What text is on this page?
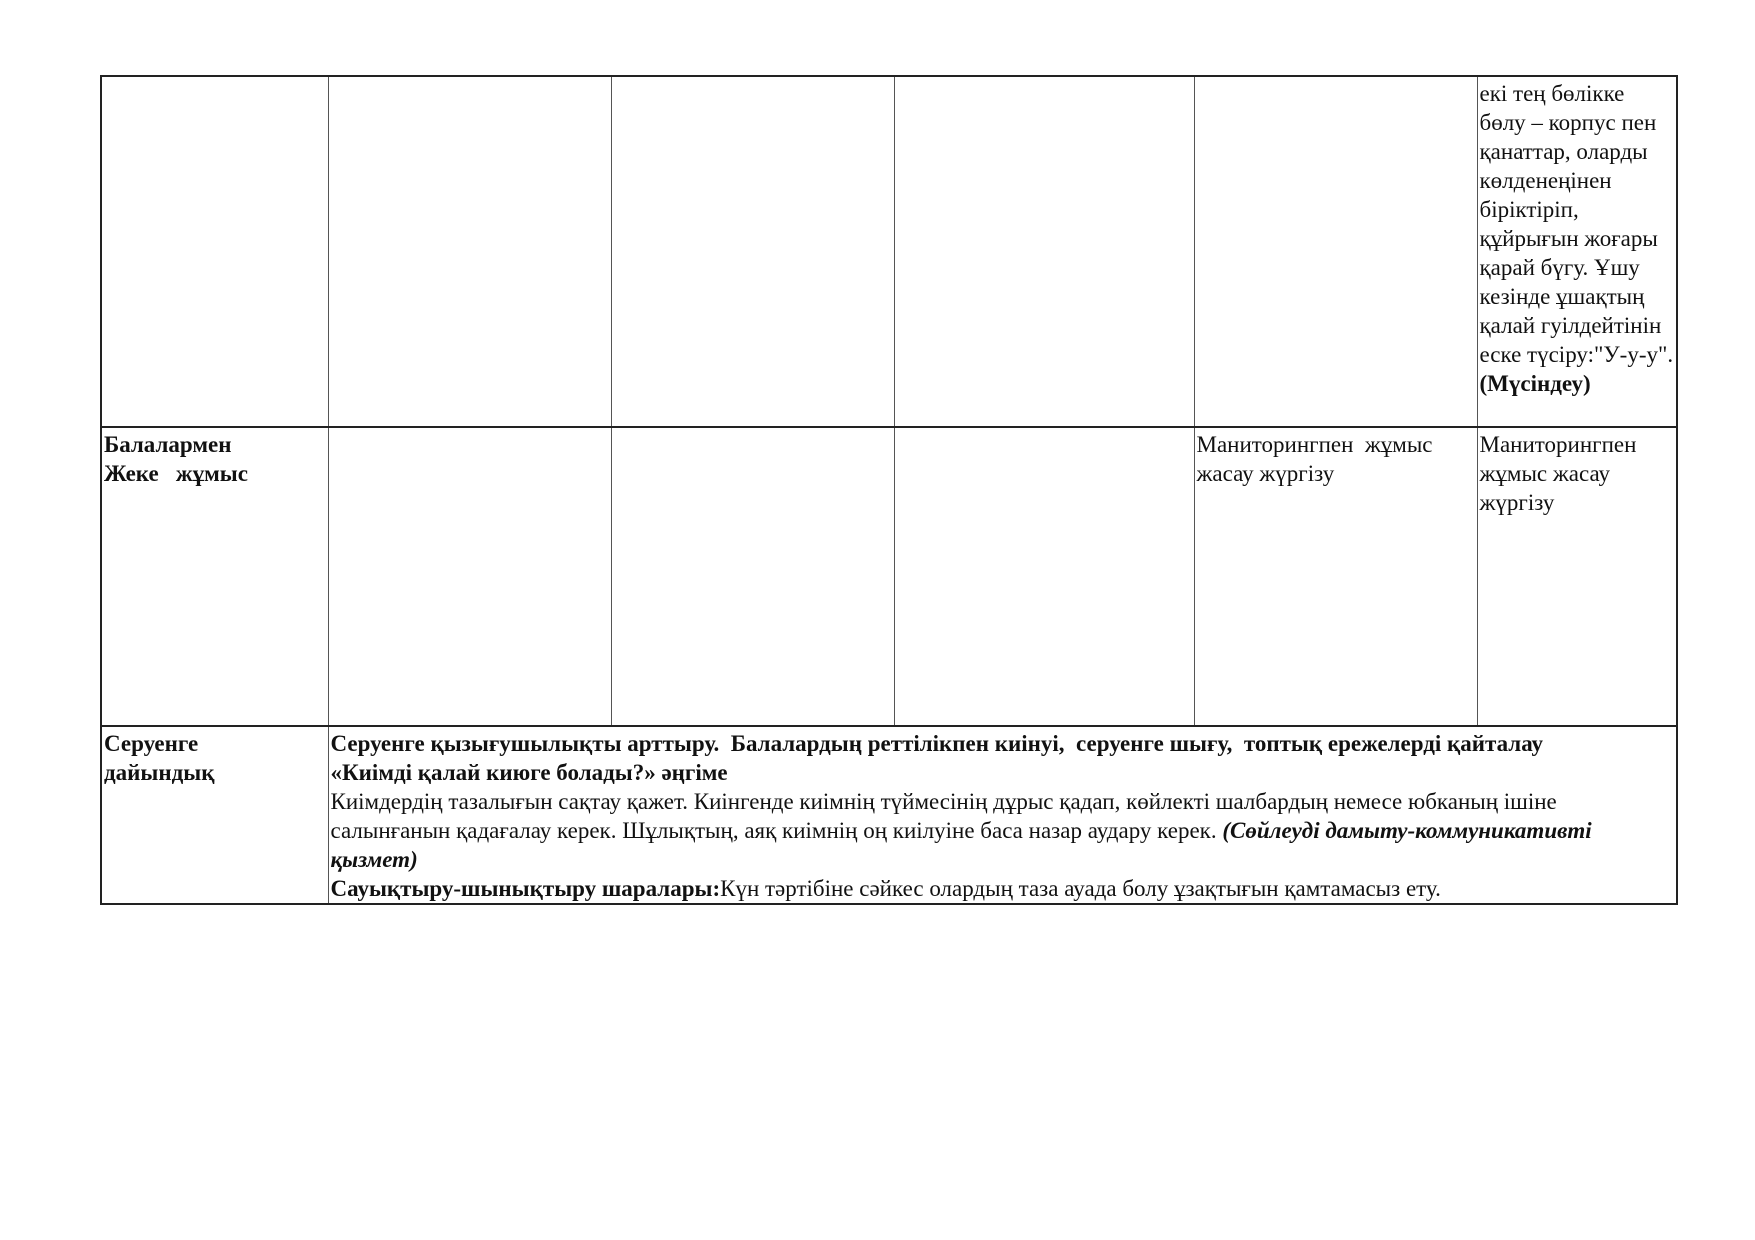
					екі тең бөлікке бөлу – корпус пен қанаттар, оларды көлденеңінен біріктіріп, құйрығын жоғары қарай бүгу. Ұшу кезінде ұшақтың қалай гуілдейтінін еске түсіру:"У-у-у". (Мүсіндеу)

Балалармен
Жеке   жұмыс				Маниторингпен  жұмыс жасау жүргізу	Маниторингпен жұмыс жасау жүргізу

Серуенге
дайындық	Серуенге қызығушылықты арттыру.  Балалардың реттілікпен киінуі,  серуенге шығу,  топтық ережелерді қайталау
«Киімді қалай киюге болады?» әңгіме
Киімдердің тазалығын сақтау қажет. Киінгенде киімнің түймесінің дұрыс қадап, көйлекті шалбардың немесе юбканың ішіне салынғанын қадағалау керек. Шұлықтың, аяқ киімнің оң киілуіне баса назар аудару керек. (Сөйлеуді дамыту-коммуникативті қызмет)
Сауықтыру-шынықтыру шаралары:Күн тәртібіне сәйкес олардың таза ауада болу ұзақтығын қамтамасыз ету.				
